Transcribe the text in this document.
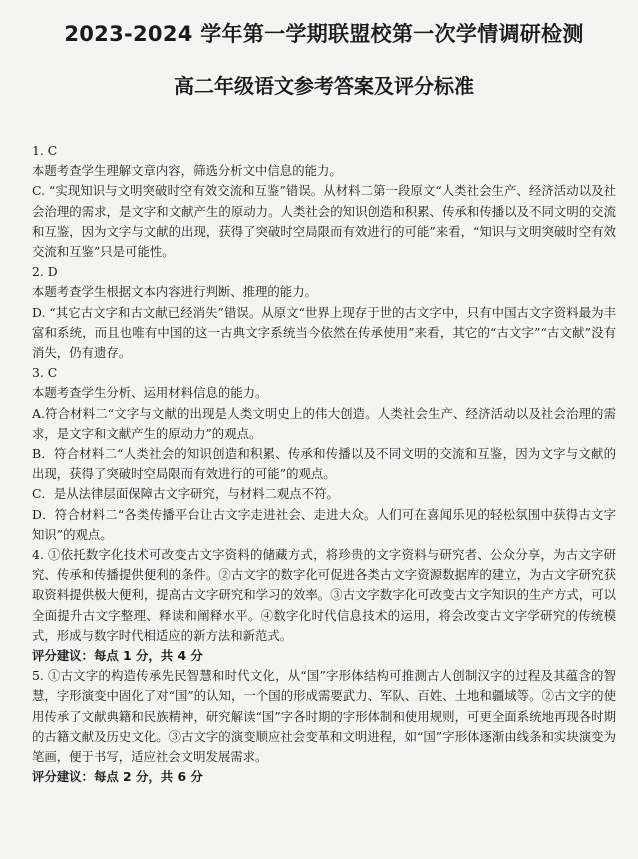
2023-2024 学年第一学期联盟校第一次学情调研检测
高二年级语文参考答案及评分标准

1. C

本题考查学生理解文章内容，筛选分析文中信息的能力。

C. “实现知识与文明突破时空有效交流和互鉴”错误。从材料二第一段原文“人类社会生产、经济活动以及社会治理的需求，是文字和文献产生的原动力。人类社会的知识创造和积累、传承和传播以及不同文明的交流和互鉴，因为文字与文献的出现，获得了突破时空局限而有效进行的可能”来看，“知识与文明突破时空有效交流和互鉴”只是可能性。

2. D

本题考查学生根据文本内容进行判断、推理的能力。

D. “其它古文字和古文献已经消失”错误。从原文“世界上现存于世的古文字中，只有中国古文字资料最为丰富和系统，而且也唯有中国的这一古典文字系统当今依然在传承使用”来看，其它的“古文字”“古文献”没有消失，仍有遗存。

3. C

本题考查学生分析、运用材料信息的能力。

A.符合材料二“文字与文献的出现是人类文明史上的伟大创造。人类社会生产、经济活动以及社会治理的需求，是文字和文献产生的原动力”的观点。

B．符合材料二“人类社会的知识创造和积累、传承和传播以及不同文明的交流和互鉴，因为文字与文献的出现，获得了突破时空局限而有效进行的可能”的观点。

C．是从法律层面保障古文字研究，与材料二观点不符。

D．符合材料二“各类传播平台让古文字走进社会、走进大众。人们可在喜闻乐见的轻松氛围中获得古文字知识”的观点。

4. ①依托数字化技术可改变古文字资料的储藏方式，将珍贵的文字资料与研究者、公众分享，为古文字研究、传承和传播提供便利的条件。②古文字的数字化可促进各类古文字资源数据库的建立，为古文字研究获取资料提供极大便利，提高古文字研究和学习的效率。③古文字数字化可改变古文字知识的生产方式，可以全面提升古文字整理、释读和阐释水平。④数字化时代信息技术的运用，将会改变古文字学研究的传统模式，形成与数字时代相适应的新方法和新范式。

评分建议：每点 1 分，共 4 分

5. ①古文字的构造传承先民智慧和时代文化，从“国”字形体结构可推测古人创制汉字的过程及其蕴含的智慧，字形演变中固化了对“国”的认知，一个国的形成需要武力、军队、百姓、土地和疆域等。②古文字的使用传承了文献典籍和民族精神，研究解读“国”字各时期的字形体制和使用规则，可更全面系统地再现各时期的古籍文献及历史文化。③古文字的演变顺应社会变革和文明进程，如“国”字形体逐渐由线条和实块演变为笔画，便于书写，适应社会文明发展需求。

评分建议：每点 2 分，共 6 分
